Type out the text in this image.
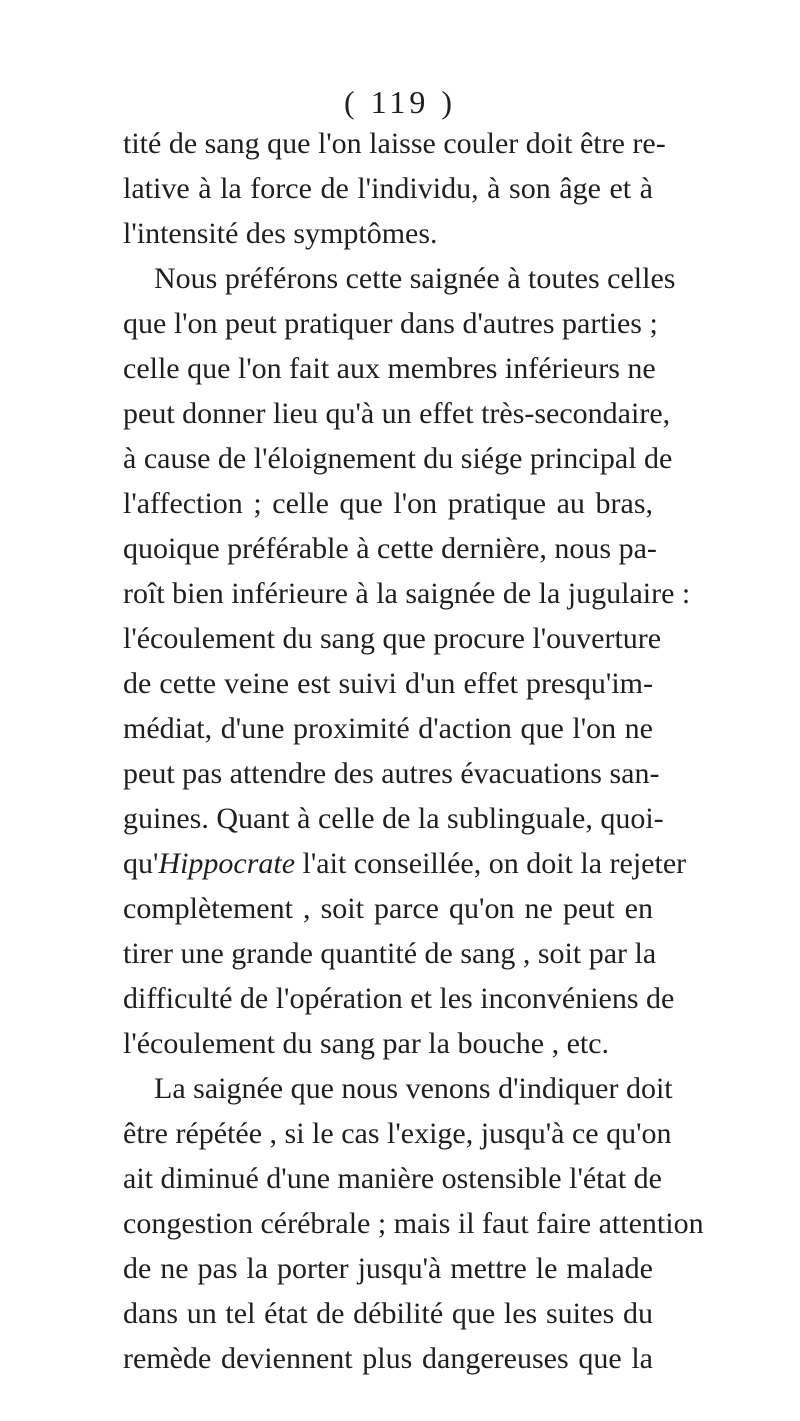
( 119 )
tité de sang que l'on laisse couler doit être re-
lative à la force de l'individu, à son âge et à
l'intensité des symptômes.
Nous préférons cette saignée à toutes celles
que l'on peut pratiquer dans d'autres parties ;
celle que l'on fait aux membres inférieurs ne
peut donner lieu qu'à un effet très-secondaire,
à cause de l'éloignement du siége principal de
l'affection ; celle que l'on pratique au bras,
quoique préférable à cette dernière, nous pa-
roît bien inférieure à la saignée de la jugulaire :
l'écoulement du sang que procure l'ouverture
de cette veine est suivi d'un effet presqu'im-
médiat, d'une proximité d'action que l'on ne
peut pas attendre des autres évacuations san-
guines. Quant à celle de la sublinguale, quoi-
qu'Hippocrate l'ait conseillée, on doit la rejeter
complètement , soit parce qu'on ne peut en
tirer une grande quantité de sang , soit par la
difficulté de l'opération et les inconvéniens de
l'écoulement du sang par la bouche , etc.
La saignée que nous venons d'indiquer doit
être répétée , si le cas l'exige, jusqu'à ce qu'on
ait diminué d'une manière ostensible l'état de
congestion cérébrale ; mais il faut faire attention
de ne pas la porter jusqu'à mettre le malade
dans un tel état de débilité que les suites du
remède deviennent plus dangereuses que la
